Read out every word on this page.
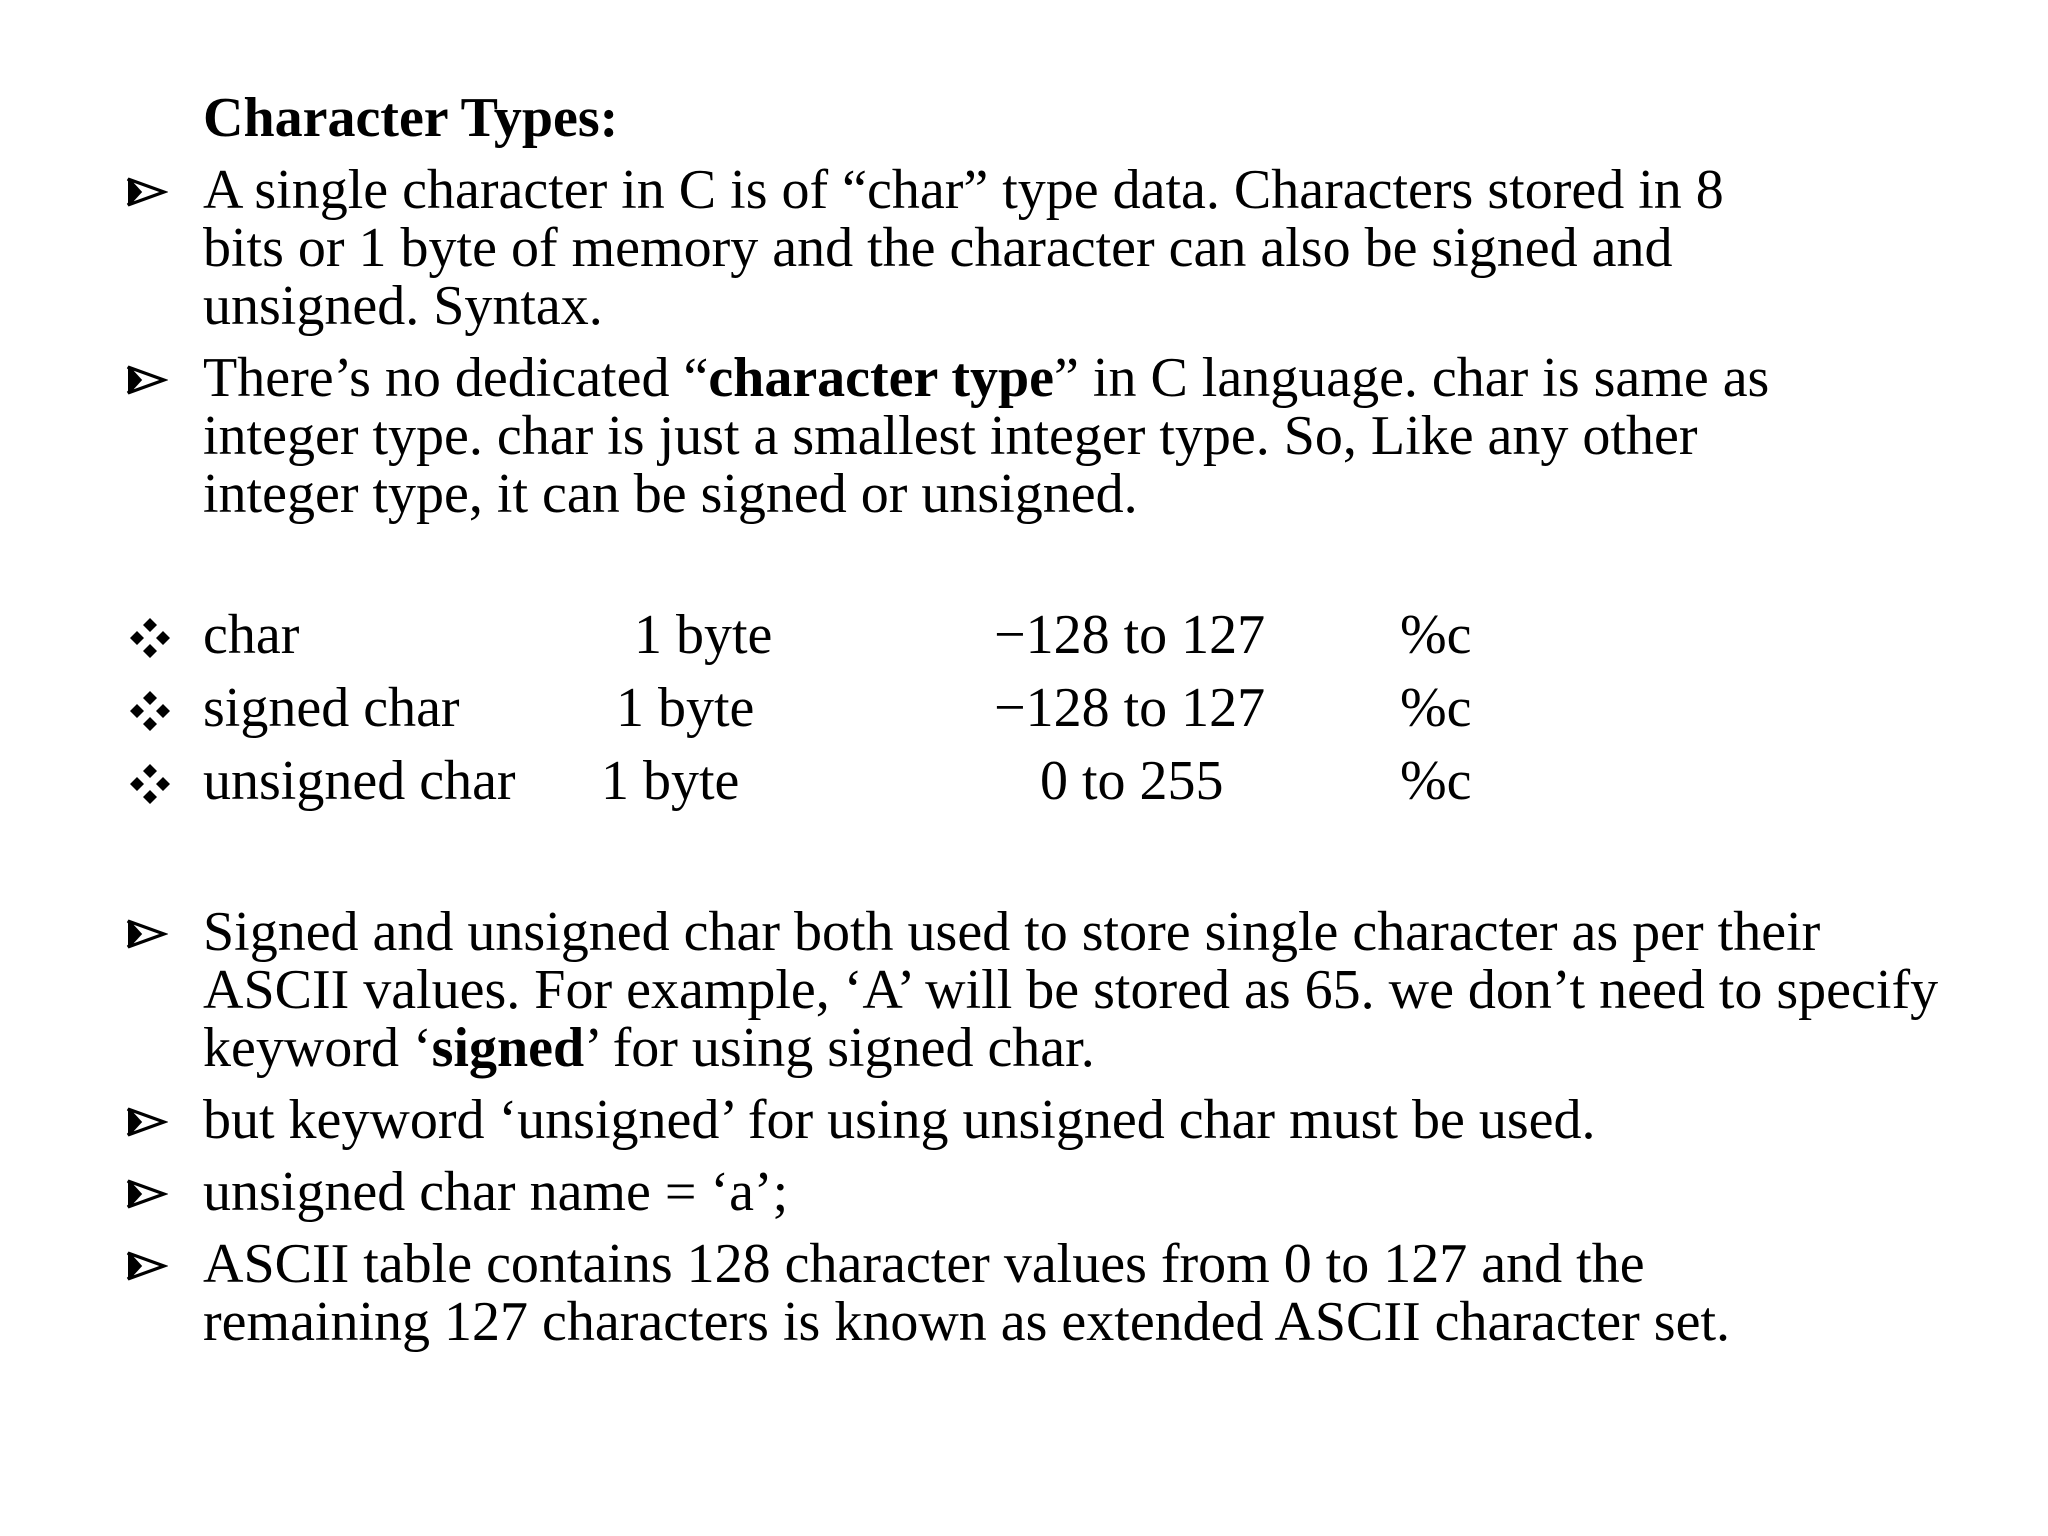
Character Types:
A single character in C is of “char” type data. Characters stored in 8 bits or 1 byte of memory and the character can also be signed and unsigned. Syntax.
There’s no dedicated “character type” in C language. char is same as integer type. char is just a smallest integer type. So, Like any other integer type, it can be signed or unsigned.
char	1 byte	−128 to 127 %c
signed char	1 byte	−128 to 127 %c
unsigned char 1 byte	0 to 255	%c
Signed and unsigned char both used to store single character as per their ASCII values. For example, ‘A’ will be stored as 65. we don’t need to specify keyword ‘signed’ for using signed char.
but keyword ‘unsigned’ for using unsigned char must be used.
unsigned char name = ‘a’;
ASCII table contains 128 character values from 0 to 127 and the remaining 127 characters is known as extended ASCII character set.
